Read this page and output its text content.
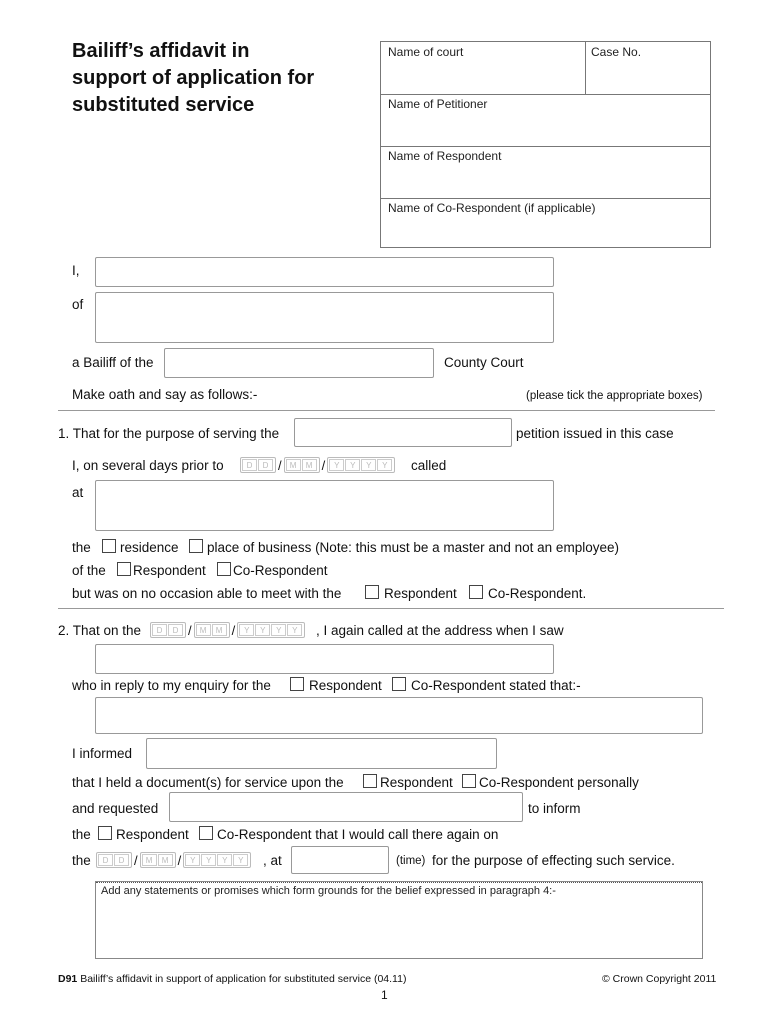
Bailiff’s affidavit in
support of application for
substituted service
Name of court	Case No.
Name of Petitioner
Name of Respondent
Name of Co-Respondent (if applicable)
I,
of
a Bailiff of the	County Court
Make oath and say as follows:-	(please tick the appropriate boxes)
1. That for the purpose of serving the	petition issued in this case
I, on several days prior to	D	D /	M	M /	Y	Y	Y	Y	called
at
the residence place of business (Note: this must be a master and not an employee)
of the Respondent Co-Respondent
but was on no occasion able to meet with the	Respondent Co-Respondent.
2. That on the	D	D /	M	M /	Y	Y	Y	Y	, I again called at the address when I saw
who in reply to my enquiry for the	Respondent Co-Respondent stated that:-
I informed
that I held a document(s) for service upon the	Respondent Co-Respondent personally
and requested	to inform
the Respondent Co-Respondent that I would call there again on
the	D	D /	M	M /	Y	Y	Y	Y	, at	(time) for the purpose of effecting such service.
Add any statements or promises which form grounds for the belief expressed in paragraph 4:-
D91 Bailiff’s affidavit in support of application for substituted service (04.11)	© Crown Copyright 2011
1
